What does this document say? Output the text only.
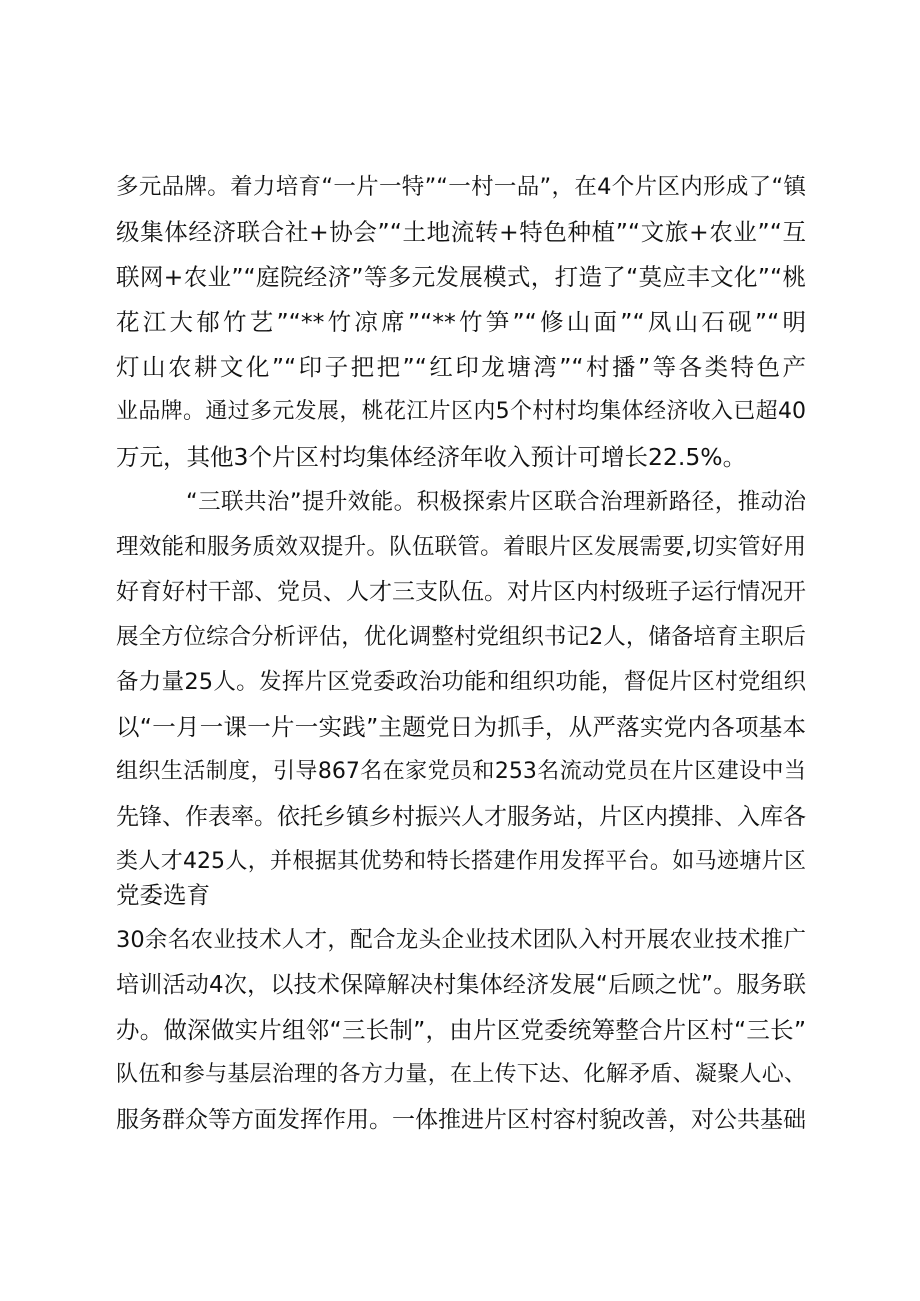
多元品牌。着力培育“一片一特”“一村一品”，在4个片区内形成了“镇
级集体经济联合社+协会”“土地流转+特色种植”“文旅+农业”“互
联网+农业”“庭院经济”等多元发展模式，打造了“莫应丰文化”“桃
花江大郁竹艺”“**竹凉席”“**竹笋”“修山面”“凤山石砚”“明
灯山农耕文化”“印子把把”“红印龙塘湾”“村播”等各类特色产
业品牌。通过多元发展，桃花江片区内5个村村均集体经济收入已超40
万元，其他3个片区村均集体经济年收入预计可增长22.5%。
“三联共治”提升效能。积极探索片区联合治理新路径，推动治
理效能和服务质效双提升。队伍联管。着眼片区发展需要,切实管好用
好育好村干部、党员、人才三支队伍。对片区内村级班子运行情况开
展全方位综合分析评估，优化调整村党组织书记2人，储备培育主职后
备力量25人。发挥片区党委政治功能和组织功能，督促片区村党组织
以“一月一课一片一实践”主题党日为抓手，从严落实党内各项基本
组织生活制度，引导867名在家党员和253名流动党员在片区建设中当
先锋、作表率。依托乡镇乡村振兴人才服务站，片区内摸排、入库各
类人才425人，并根据其优势和特长搭建作用发挥平台。如马迹塘片区
党委选育
30余名农业技术人才，配合龙头企业技术团队入村开展农业技术推广
培训活动4次，以技术保障解决村集体经济发展“后顾之忧”。服务联
办。做深做实片组邻“三长制”，由片区党委统筹整合片区村“三长”
队伍和参与基层治理的各方力量，在上传下达、化解矛盾、凝聚人心、
服务群众等方面发挥作用。一体推进片区村容村貌改善，对公共基础
